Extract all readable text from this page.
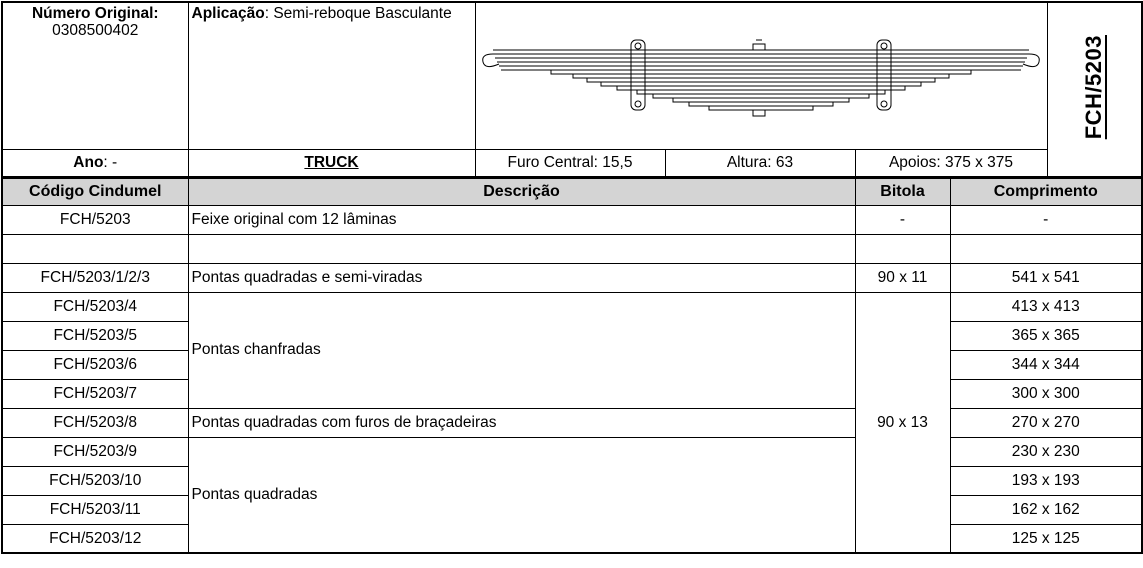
Número Original:
0308500402	Aplicação: Semi-reboque Basculante					FCH/5203
Ano: -	TRUCK	Furo Central: 15,5	Altura: 63	Apoios: 375 x 375		
Código Cindumel	Descrição			Bitola	Comprimento	
FCH/5203	Feixe original com 12 lâminas			-	-	

FCH/5203/1/2/3	Pontas quadradas e semi-viradas			90 x 11	541 x 541	
FCH/5203/4	Pontas chanfradas			90 x 13	413 x 413	
FCH/5203/5					365 x 365	
FCH/5203/6					344 x 344	
FCH/5203/7					300 x 300	
FCH/5203/8	Pontas quadradas com furos de braçadeiras				270 x 270	
FCH/5203/9	Pontas quadradas				230 x 230	
FCH/5203/10					193 x 193	
FCH/5203/11					162 x 162	
FCH/5203/12					125 x 125	
